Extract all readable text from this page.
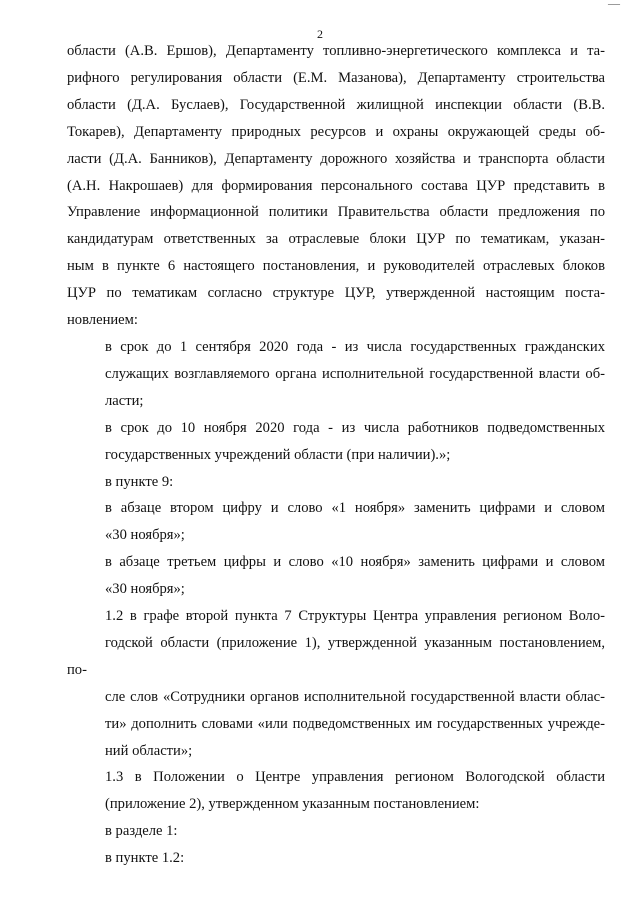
—
2

области (А.В. Ершов), Департаменту топливно-энергетического комплекса и та-
рифного регулирования области (Е.М. Мазанова), Департаменту строительства
области (Д.А. Буслаев), Государственной жилищной инспекции области (В.В.
Токарев), Департаменту природных ресурсов и охраны окружающей среды об-
ласти (Д.А. Банников), Департаменту дорожного хозяйства и транспорта области
(А.Н. Накрошаев) для формирования персонального состава ЦУР представить в
Управление информационной политики Правительства области предложения по
кандидатурам ответственных за отраслевые блоки ЦУР по тематикам, указан-
ным в пункте 6 настоящего постановления, и руководителей отраслевых блоков
ЦУР по тематикам согласно структуре ЦУР, утвержденной настоящим поста-
новлением:

в срок до 1 сентября 2020 года - из числа государственных гражданских
служащих возглавляемого органа исполнительной государственной власти об-
ласти;

в срок до 10 ноября 2020 года - из числа работников подведомственных
государственных учреждений области (при наличии).»;

в пункте 9:

в абзаце втором цифру и слово «1 ноября» заменить цифрами и словом
«30 ноября»;

в абзаце третьем цифры и слово «10 ноября» заменить цифрами и словом
«30 ноября»;

1.2 в графе второй пункта 7 Структуры Центра управления регионом Воло-
годской области (приложение 1), утвержденной указанным постановлением, по-
сле слов «Сотрудники органов исполнительной государственной власти облас-
ти» дополнить словами «или подведомственных им государственных учрежде-
ний области»;

1.3 в Положении о Центре управления регионом Вологодской области
(приложение 2), утвержденном указанным постановлением:

в разделе 1:

в пункте 1.2:
